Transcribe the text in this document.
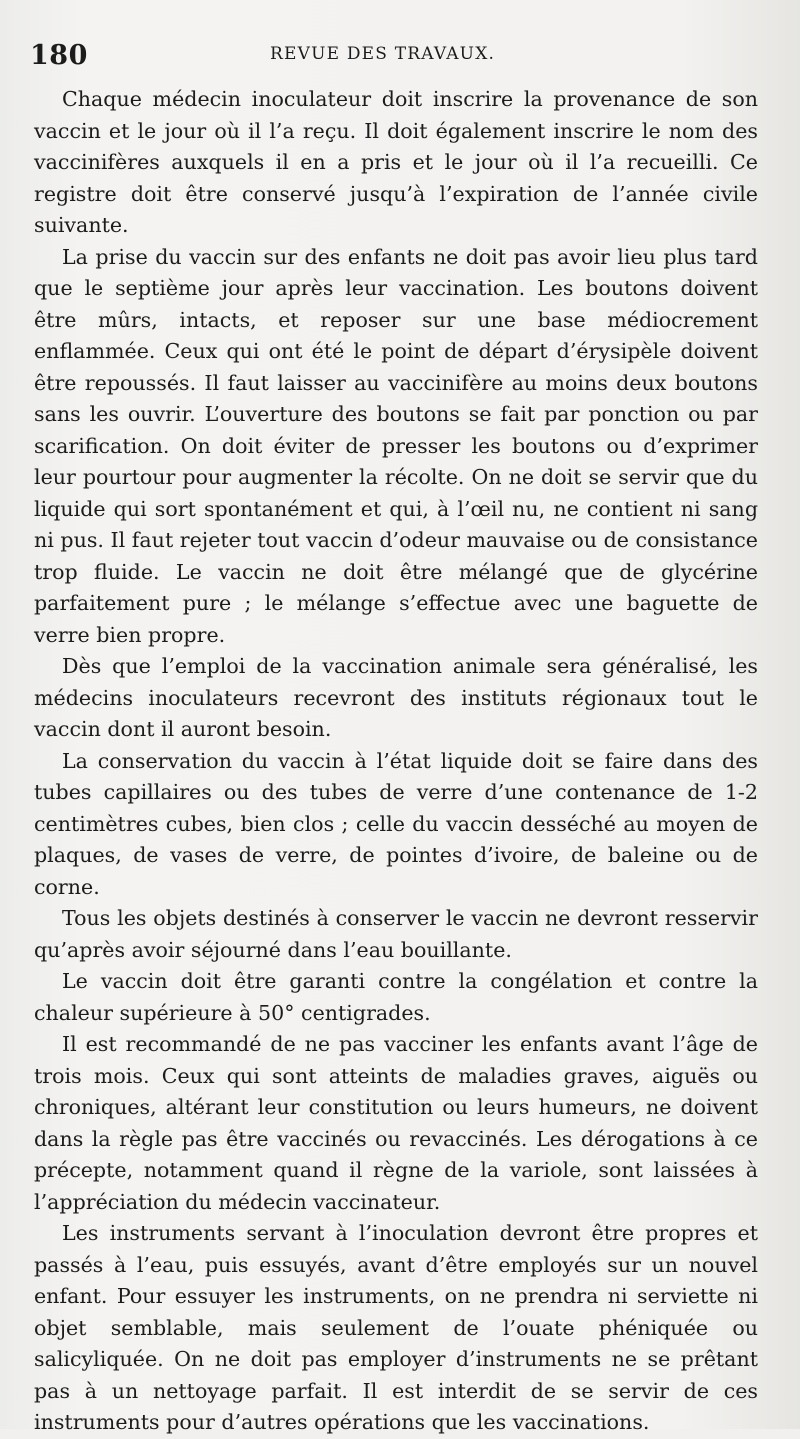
180	REVUE DES TRAVAUX.

Chaque médecin inoculateur doit inscrire la provenance de son vaccin et le jour où il l’a reçu. Il doit également inscrire le nom des vaccinifères auxquels il en a pris et le jour où il l’a recueilli. Ce registre doit être conservé jusqu’à l’expiration de l’année civile suivante.

La prise du vaccin sur des enfants ne doit pas avoir lieu plus tard que le septième jour après leur vaccination. Les boutons doivent être mûrs, intacts, et reposer sur une base médiocrement enflammée. Ceux qui ont été le point de départ d’érysipèle doivent être repoussés. Il faut laisser au vaccinifère au moins deux boutons sans les ouvrir. L’ouverture des boutons se fait par ponction ou par scarification. On doit éviter de presser les boutons ou d’exprimer leur pourtour pour augmenter la récolte. On ne doit se servir que du liquide qui sort spontanément et qui, à l’œil nu, ne contient ni sang ni pus. Il faut rejeter tout vaccin d’odeur mauvaise ou de consistance trop fluide. Le vaccin ne doit être mélangé que de glycérine parfaitement pure ; le mélange s’effectue avec une baguette de verre bien propre.

Dès que l’emploi de la vaccination animale sera généralisé, les médecins inoculateurs recevront des instituts régionaux tout le vaccin dont il auront besoin.

La conservation du vaccin à l’état liquide doit se faire dans des tubes capillaires ou des tubes de verre d’une contenance de 1-2 centimètres cubes, bien clos ; celle du vaccin desséché au moyen de plaques, de vases de verre, de pointes d’ivoire, de baleine ou de corne.

Tous les objets destinés à conserver le vaccin ne devront resservir qu’après avoir séjourné dans l’eau bouillante.

Le vaccin doit être garanti contre la congélation et contre la chaleur supérieure à 50° centigrades.

Il est recommandé de ne pas vacciner les enfants avant l’âge de trois mois. Ceux qui sont atteints de maladies graves, aiguës ou chroniques, altérant leur constitution ou leurs humeurs, ne doivent dans la règle pas être vaccinés ou revaccinés. Les dérogations à ce précepte, notamment quand il règne de la variole, sont laissées à l’appréciation du médecin vaccinateur.

Les instruments servant à l’inoculation devront être propres et passés à l’eau, puis essuyés, avant d’être employés sur un nouvel enfant. Pour essuyer les instruments, on ne prendra ni serviette ni objet semblable, mais seulement de l’ouate phéniquée ou salicyliquée. On ne doit pas employer d’instruments ne se prêtant pas à un nettoyage parfait. Il est interdit de se servir de ces instruments pour d’autres opérations que les vaccinations.
